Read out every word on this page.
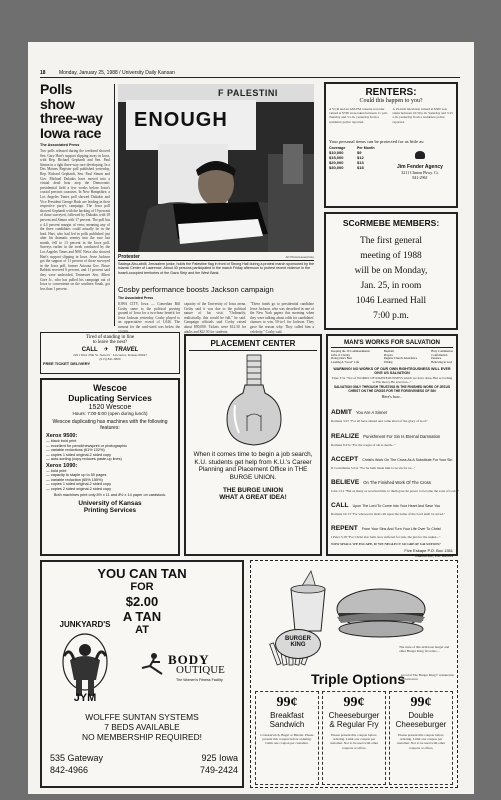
18	Monday, January 25, 1988 / University Daily Kansan
Polls show three-way Iowa race
The Associated Press
Two polls released during the weekend showed Sen. Gary Hart's support slipping away in Iowa, with Rep. Richard Gephardt and Sen. Paul Simon in a tight three-way race developing. In a Des Moines Register poll published yesterday, Rep. Richard Gephardt, Sen. Paul Simon and Gov. Michael Dukakis have moved into a virtual dead heat atop the Democratic presidential field a few weeks before Iowa's crucial precinct caucuses. In New Hampshire, a Los Angeles Times poll showed Dukakis and Vice President George Bush are leading in their respective party's campaign. The Iowa poll showed Gephardt with the backing of 19 percent of those surveyed, followed by Dukakis with 18 percent and Simon with 17 percent. The poll has a 4.4 percent margin of error, meaning any of the three candidates could actually be in the lead. Hart, who had led in polls published just after his dramatic reentry into the race last month, fell to 13 percent in the Iowa poll. Surveys earlier in the week conducted by the Los Angeles Times and NBC News also showed Hart's support slipping in Iowa. Jesse Jackson got the support of 11 percent of those surveyed in the Iowa poll, former Arizona Gov. Bruce Babbitt received 6 percent, and 11 percent said they were undecided. Tennessee Sen. Albert Gore Jr., who has pulled his campaign out of Iowa to concentrate on the southern South, got less than 1 percent.
F PALESTINI
ENOUGH
Protester	AP Photo/Laserphoto
Sadeqa Abu-abdil, Jerusalem junior, holds the Palestine flag in front of Strong Hall during a protest march sponsored by the Islamic Center of Lawrence. About 40 persons participated in the march Friday afternoon to protest recent violence in the Israeli-occupied territories of the Gaza Strip and the West Bank.
Cosby performance boosts Jackson campaign
The Associated Press
IOWA CITY, Iowa — Comedian Bill Cosby came to the political proving ground of Iowa for a two-hour benefit for Jesse Jackson yesterday. Cosby played to an appreciative crowd of 1,046. The turnout for the card-sized was below the
capacity of the University of Iowa arena. Cosby said it was due to the political nature of his visit. "Ordinarily, realistically, this would be full," he said. Campaign officials said Cosby raised about $90,000. Tickets were $12.50 for adults and $22.50 for students.
"These funds go to presidential candidate Jesse Jackson, who was described in one of the New York papers this morning when they were talking about odds for candidates' chances to win, 50-to-1 for Jackson. They gave the reason why: They called him a celebrity," Cosby said.
RENTERS:
Could this happen to you?
A VCR and an AM-FM cassette recorder valued at $700 were taken between 11 p.m. Tuesday and 3 a.m. yesterday from a residence police reported.
A 19-inch television valued at $300 was taken between 10:30 p.m. Saturday and 3:15 a.m. yesterday from a residence police reported.
Your personal items can be protected for as little as:
Coverage	Per Month
$10,000	$9
$15,000	$12
$20,000	$13
$30,000	$18	Jim Fender Agency
3211 Clinton Pkwy. Ct.
841-2961
SCoRMEBE MEMBERS:
The first general
meeting of 1988
will be on Monday,
Jan. 25, in room
1046 Learned Hall
7:00 p.m.
Tired of standing in line
to leave the nest?
CALL ✈ TRAVEL
2201 West 25th St. Suite D · Lawrence, Kansas 66047
(913) 841-0800
FREE TICKET DELIVERY
Wescoe
Duplicating Services
1520 Wescoe
Hours: 7:00-5:00 (open during lunch)
Wescoe duplicating has machines with the following features:
Xerox 9500:
— black bold print
— excellent for pencil/newsprint or photographic
— variable reductions (61% 102%)
— copies 1 sided original-2 sided copy
— auto-sorting (copy reduces paste-up lines)
Xerox 1090:
— bold print
— capacity to staple up to 50 pages
— variable reduction (65% 155%)
— copies 1 sided original-2 sided copy
— copies 2 sided original-2 sided copy
Both machines print only 8½ x 11 and 8½ x 14 paper on cardstock.
University of Kansas
Printing Services
PLACEMENT CENTER
When it comes time to begin a job search, K.U. students get help from K.U.'s Career Planning and Placement Office in THE BURGE UNION.
THE BURGE UNION
WHAT A GREAT IDEA!
MAN'S WORKS FOR SALVATION
Keeping the 10 Commandments
Gifts of Charity
Doing One's Best
Leading A "Good" Life
Baptism
Prayers
Regular Church Attendance
Tithing
Holy Communion
Confirmation
Penance
Believing in God
WARNING! NO WORKS OF OUR OWN RIGHTEOUSNESS WILL EVER GIVE US SALVATION
Titus 3:5a "Not of WORKS OF RIGHTEOUSNESS which we have done, But according to His mercy He saved us..."
SALVATION ONLY THROUGH TRUSTING IN THE FINISHED WORK OF JESUS CHRIST ON THE CROSS FOR THE FORGIVENESS OF SIN
Here's how...
ADMIT You Are A Sinner
Romans 3:23 "For all have sinned and come short of the glory of God."
REALIZE Punishment For Sin Is Eternal Damnation
Romans 6:23a "For the wages of sin is death..."
ACCEPT Christ's Work On The Cross As A Substitute For Your Sin
II Corinthians 5:21a "For he hath made him to be sin for us..."
BELIEVE On The Finished Work Of The Cross
John 1:12 "But as many as received him, to them gave he power to become the sons of God..."
CALL Upon The Lord To Come Into Your Heart And Save You
Romans 10:13 "For whosoever shall call upon the name of the Lord shall be saved."
REPENT From Your Sins And Turn Your Life Over To Christ
I Peter 3:18 "For Christ also hath once suffered for sins, the just for the unjust..."
NOW SHALL WE ESCAPE, IF WE NEGLECT SO GREAT SALVATION?
Five Eskape P.O. Box 1351
Lawrence, Ks. 66044
YOU CAN TAN
FOR
$2.00
A TAN
AT
JUNKYARD'S
JYM
BODY
OUTIQUE
The Women's Fitness Facility
WOLFFE SUNTAN SYSTEMS
7 BEDS AVAILABLE
NO MEMBERSHIP REQUIRED!
535 Gateway
842-4966
925 Iowa
749-2424
BURGER
KING	The taste of this delicious burger and other Burger King favorites ...
Triple Options
Good at The Burger King® restaurants in Lawrence
99¢
Breakfast Sandwich
Croissan'wich, Bagel or Biscuit. Please present this coupon before ordering. Limit one coupon per customer.
99¢
Cheeseburger & Regular Fry
Please present this coupon before ordering. Limit one coupon per customer. Not to be used with other coupons or offers.
99¢
Double Cheeseburger
Please present this coupon before ordering. Limit one coupon per customer. Not to be used with other coupons or offers.
